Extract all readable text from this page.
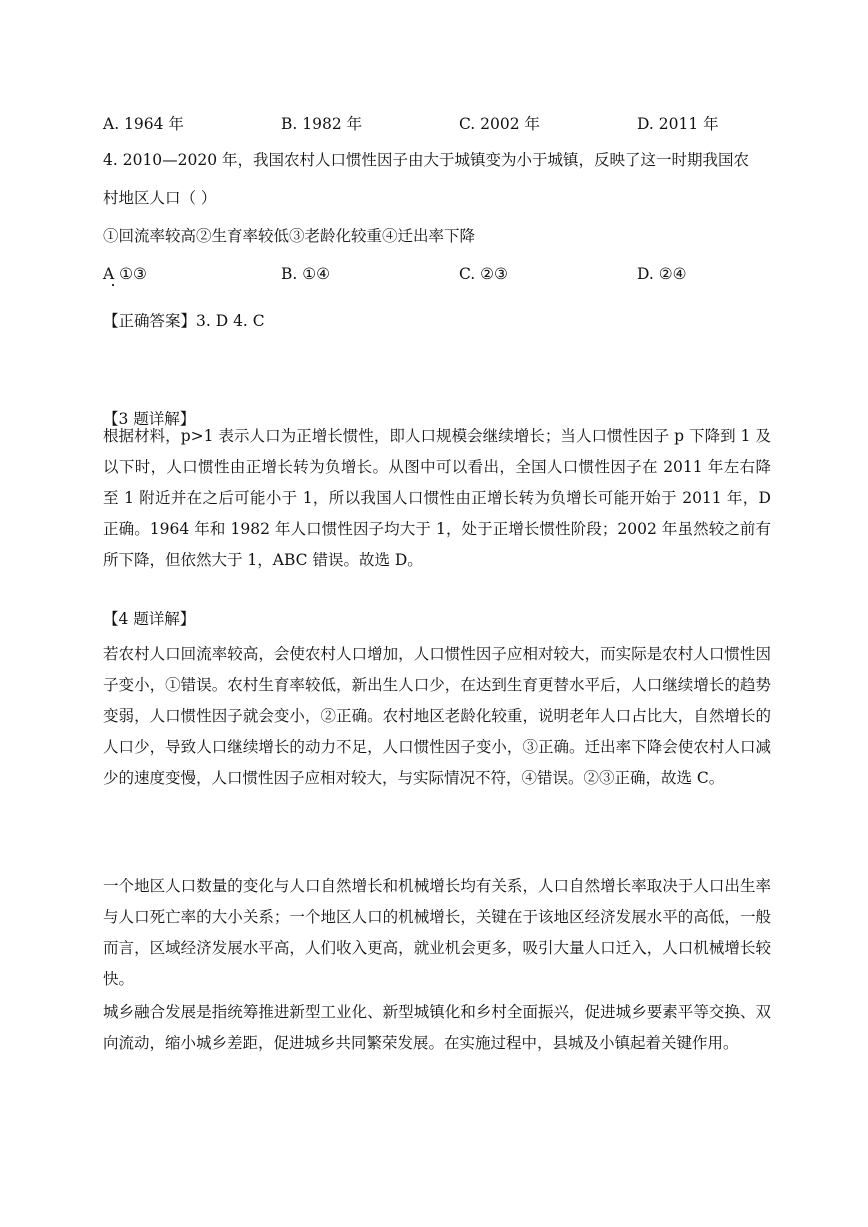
A. 1964 年	B. 1982 年	C. 2002 年	D. 2011 年
4. 2010—2020 年，我国农村人口惯性因子由大于城镇变为小于城镇，反映了这一时期我国农
村地区人口（ ）
①回流率较高②生育率较低③老龄化较重④迁出率下降
A ①③	B. ①④	C. ②③	D. ②④
【正确答案】3. D 4. C
【3 题详解】
根据材料，p>1 表示人口为正增长惯性，即人口规模会继续增长；当人口惯性因子 p 下降到 1 及以下时，人口惯性由正增长转为负增长。从图中可以看出，全国人口惯性因子在 2011 年左右降至 1 附近并在之后可能小于 1，所以我国人口惯性由正增长转为负增长可能开始于 2011 年，D 正确。1964 年和 1982 年人口惯性因子均大于 1，处于正增长惯性阶段；2002 年虽然较之前有所下降，但依然大于 1，ABC 错误。故选 D。
【4 题详解】
若农村人口回流率较高，会使农村人口增加，人口惯性因子应相对较大，而实际是农村人口惯性因子变小，①错误。农村生育率较低，新出生人口少，在达到生育更替水平后，人口继续增长的趋势变弱，人口惯性因子就会变小，②正确。农村地区老龄化较重，说明老年人口占比大，自然增长的人口少，导致人口继续增长的动力不足，人口惯性因子变小，③正确。迁出率下降会使农村人口减少的速度变慢，人口惯性因子应相对较大，与实际情况不符，④错误。②③正确，故选 C。
一个地区人口数量的变化与人口自然增长和机械增长均有关系，人口自然增长率取决于人口出生率与人口死亡率的大小关系；一个地区人口的机械增长，关键在于该地区经济发展水平的高低，一般而言，区域经济发展水平高，人们收入更高，就业机会更多，吸引大量人口迁入，人口机械增长较快。
城乡融合发展是指统筹推进新型工业化、新型城镇化和乡村全面振兴，促进城乡要素平等交换、双向流动，缩小城乡差距，促进城乡共同繁荣发展。在实施过程中，县城及小镇起着关键作用。
